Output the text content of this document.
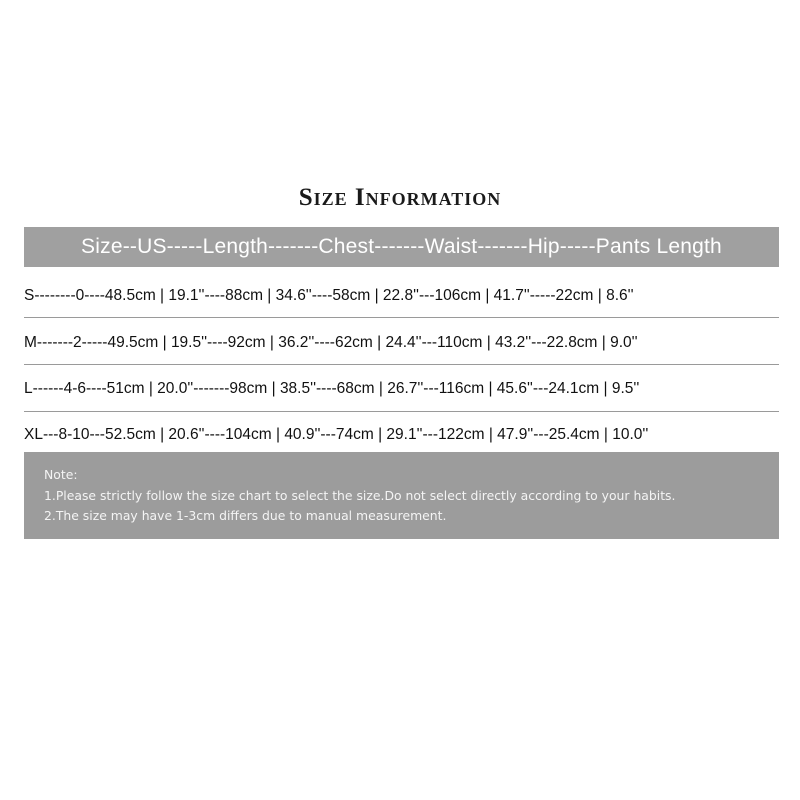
Size Information
Size--US-----Length-------Chest-------Waist-------Hip-----Pants Length
S--------0----48.5cm | 19.1''----88cm | 34.6''----58cm | 22.8''---106cm | 41.7''-----22cm | 8.6''
M-------2-----49.5cm | 19.5''----92cm | 36.2''----62cm | 24.4''---110cm | 43.2''---22.8cm | 9.0''
L------4-6----51cm | 20.0''-------98cm | 38.5''----68cm | 26.7''---116cm | 45.6''---24.1cm | 9.5''
XL---8-10---52.5cm | 20.6''----104cm | 40.9''---74cm | 29.1''---122cm | 47.9''---25.4cm | 10.0''
Note:
1.Please strictly follow the size chart to select the size.Do not select directly according to your habits.
2.The size may have 1-3cm differs due to manual measurement.
